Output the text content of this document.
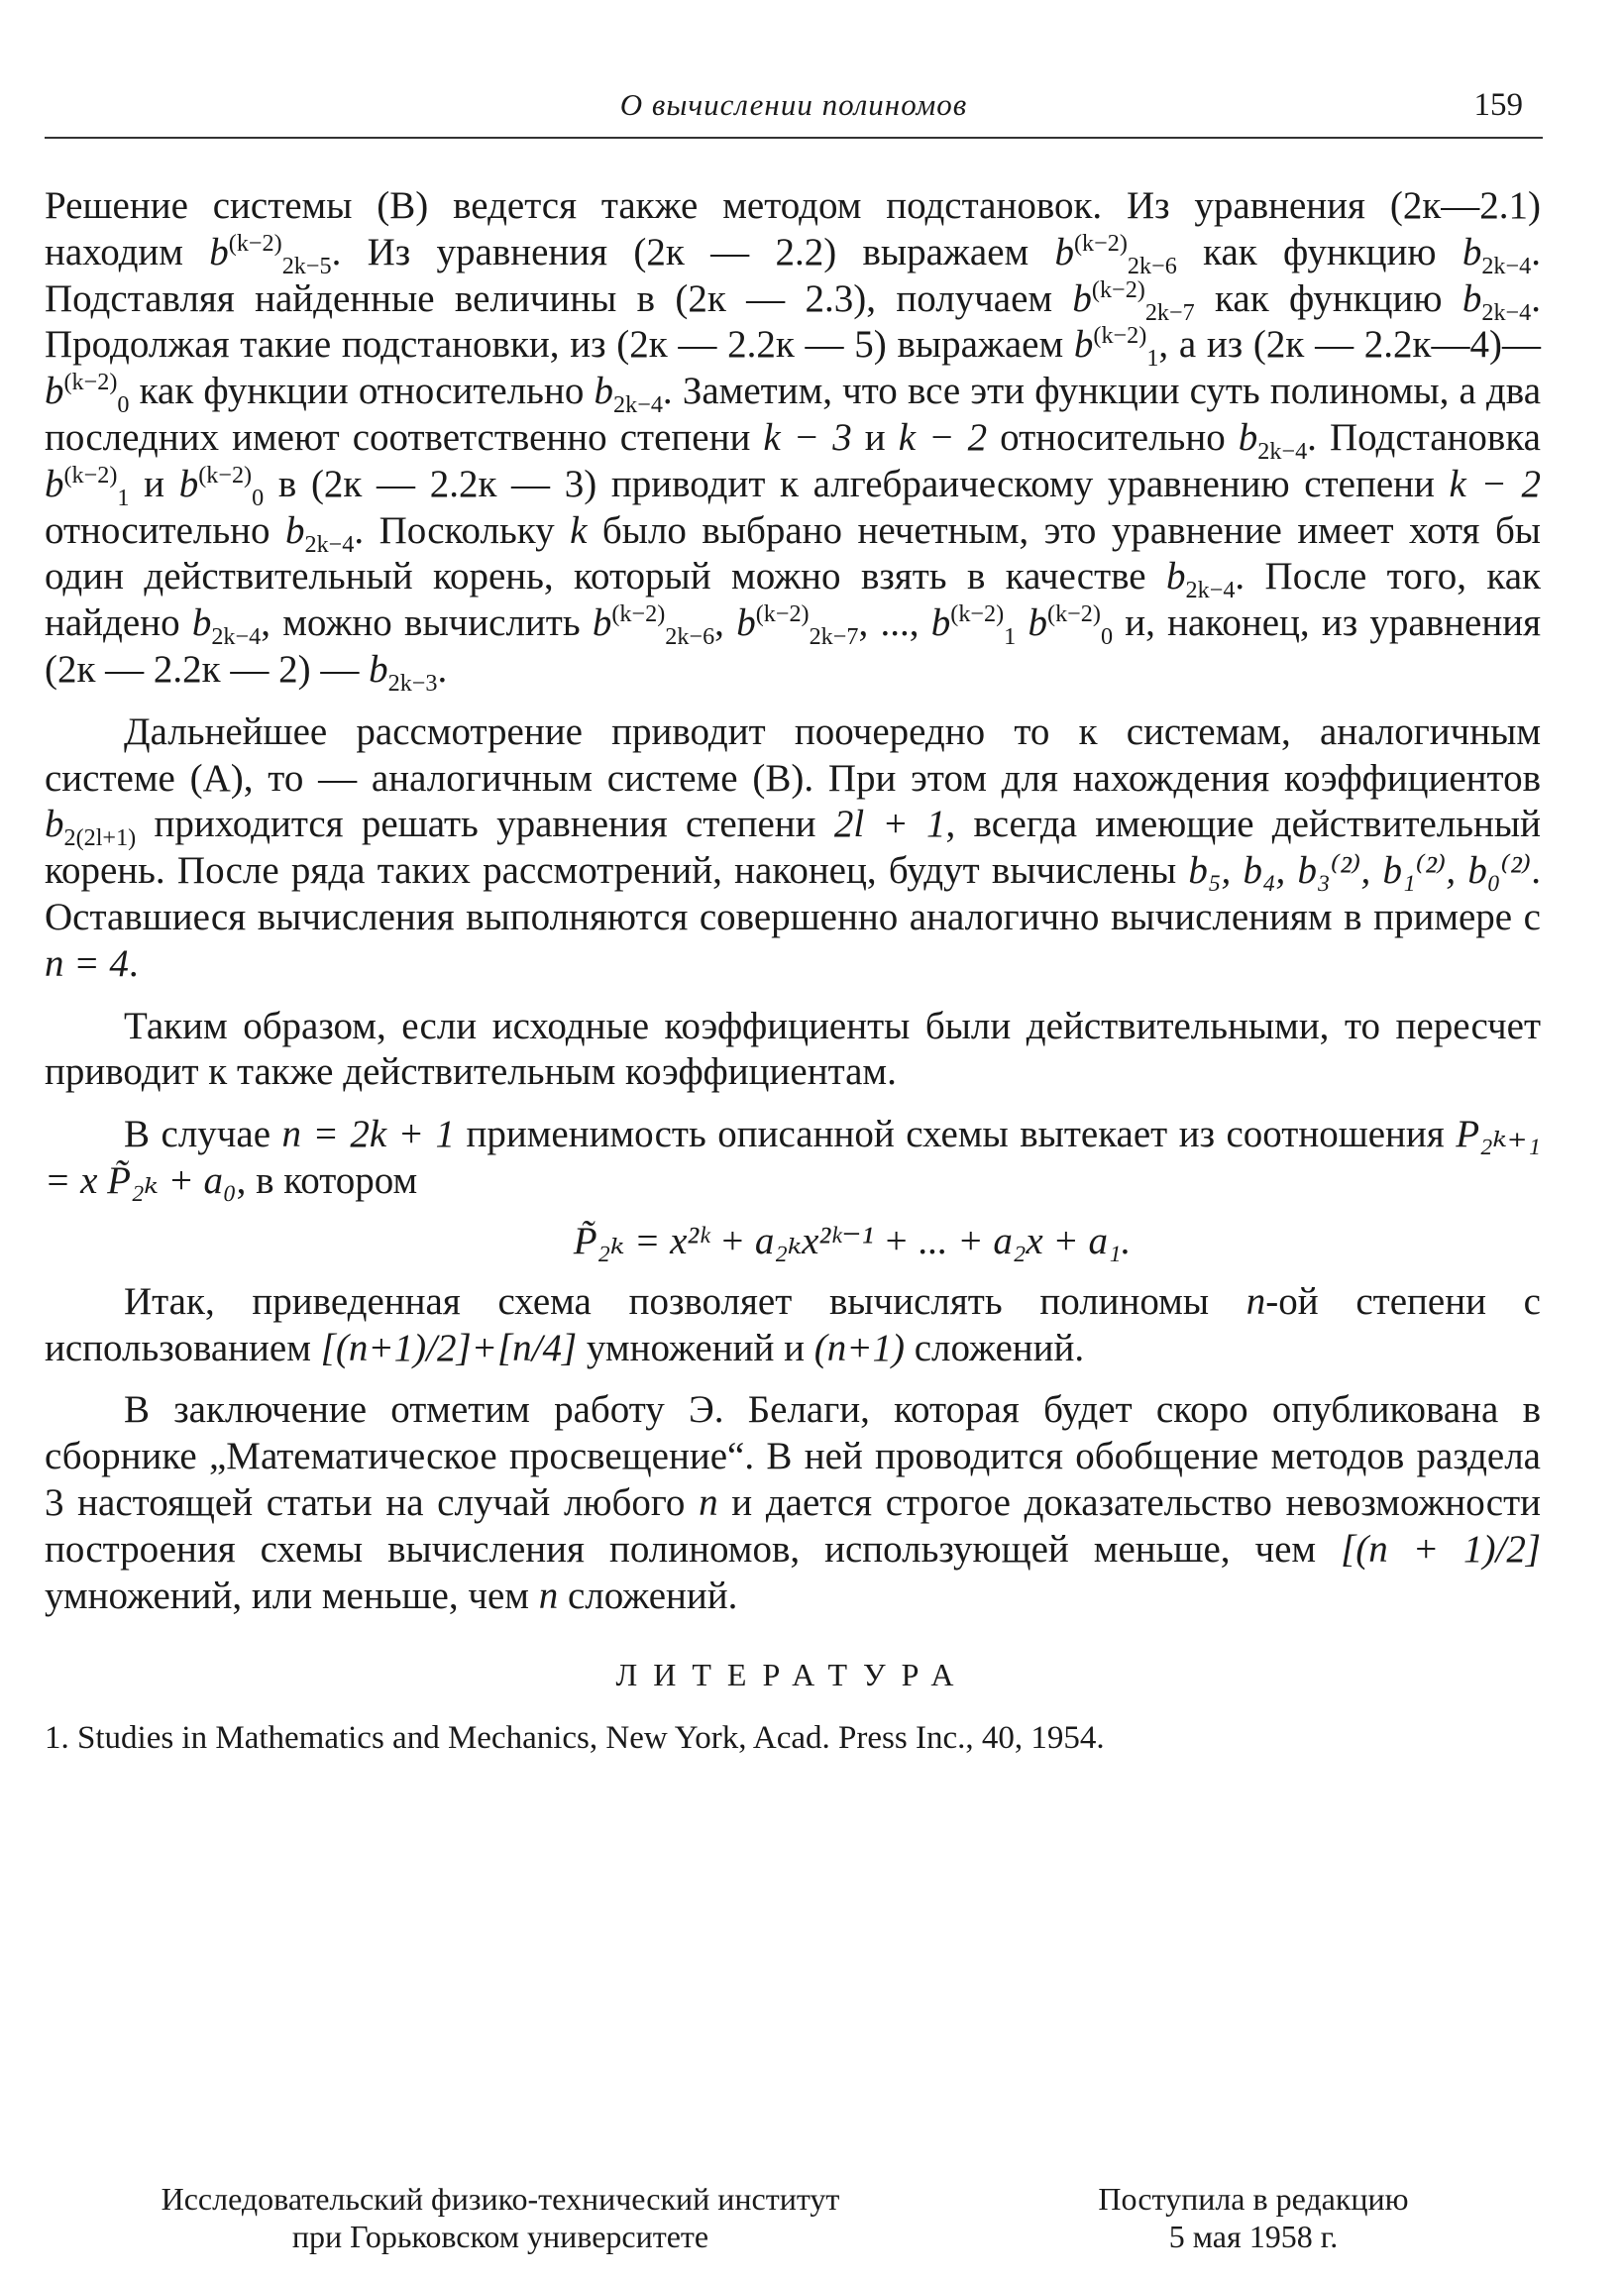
О вычислении полиномов	159

Решение системы (В) ведется также методом подстановок. Из уравнения (2к—2.1) находим $b^{(k-2)}_{2k-5}$. Из уравнения (2к — 2.2) выражаем $b^{(k-2)}_{2k-6}$ как функцию $b_{2k-4}$. Подставляя найденные величины в (2к — 2.3), получаем $b^{(k-2)}_{2k-7}$ как функцию $b_{2k-4}$. Продолжая такие подстановки, из (2к — 2.2к — 5) выражаем $b^{(k-2)}_1$, а из (2к — 2.2к—4)— $b^{(k-2)}_0$ как функции относительно $b_{2k-4}$. Заметим, что все эти функции суть полиномы, а два последних имеют соответственно степени k − 3 и k − 2 относительно $b_{2k-4}$. Подстановка $b^{(k-2)}_1$ и $b^{(k-2)}_0$ в (2к — 2.2к — 3) приводит к алгебраическому уравнению степени k − 2 относительно $b_{2k-4}$. Поскольку k было выбрано нечетным, это уравнение имеет хотя бы один действительный корень, который можно взять в качестве $b_{2k-4}$. После того, как найдено $b_{2k-4}$, можно вычислить $b^{(k-2)}_{2k-6}$, $b^{(k-2)}_{2k-7}$, ..., $b^{(k-2)}_1$ $b^{(k-2)}_0$ и, наконец, из уравнения (2к — 2.2к — 2) — $b_{2k-3}$.

Дальнейшее рассмотрение приводит поочередно то к системам, аналогичным системе (А), то — аналогичным системе (В). При этом для нахождения коэффициентов $b_{2(2l+1)}$ приходится решать уравнения степени 2l + 1, всегда имеющие действительный корень. После ряда таких рассмотрений, наконец, будут вычислены b₅, b₄, b₃⁽²⁾, b₁⁽²⁾, b₀⁽²⁾. Оставшиеся вычисления выполняются совершенно аналогично вычислениям в примере с n = 4.

Таким образом, если исходные коэффициенты были действительными, то пересчет приводит к также действительным коэффициентам.

В случае n = 2k + 1 применимость описанной схемы вытекает из соотношения P₂ₖ₊₁ = x P̃₂ₖ + a₀, в котором

P̃₂ₖ = x²ᵏ + a₂ₖx²ᵏ⁻¹ + ... + a₂x + a₁.

Итак, приведенная схема позволяет вычислять полиномы n-ой степени с использованием [(n+1)/2]+[n/4] умножений и (n+1) сложений.

В заключение отметим работу Э. Белаги, которая будет скоро опубликована в сборнике „Математическое просвещение“. В ней проводится обобщение методов раздела 3 настоящей статьи на случай любого n и дается строгое доказательство невозможности построения схемы вычисления полиномов, использующей меньше, чем [(n + 1)/2] умножений, или меньше, чем n сложений.

ЛИТЕРАТУРА
1. Studies in Mathematics and Mechanics, New York, Acad. Press Inc., 40, 1954.
Исследовательский физико-технический институт
при Горьковском университете
Поступила в редакцию
5 мая 1958 г.
